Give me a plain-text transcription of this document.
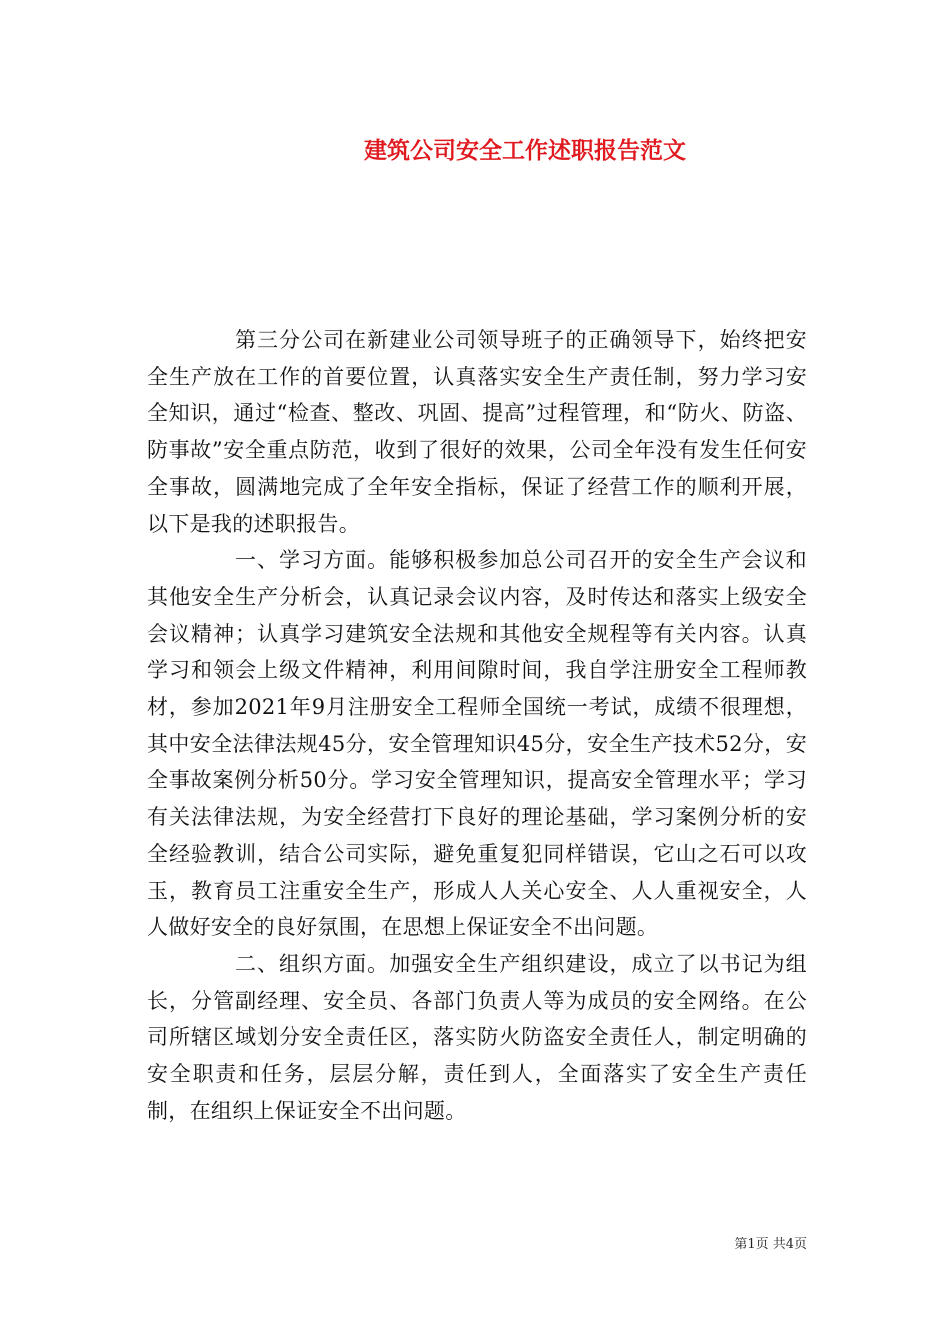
建筑公司安全工作述职报告范文

第三分公司在新建业公司领导班子的正确领导下，始终把安全生产放在工作的首要位置，认真落实安全生产责任制，努力学习安全知识，通过“检查、整改、巩固、提高”过程管理，和“防火、防盗、防事故”安全重点防范，收到了很好的效果，公司全年没有发生任何安全事故，圆满地完成了全年安全指标，保证了经营工作的顺利开展，以下是我的述职报告。

一、学习方面。能够积极参加总公司召开的安全生产会议和其他安全生产分析会，认真记录会议内容，及时传达和落实上级安全会议精神；认真学习建筑安全法规和其他安全规程等有关内容。认真学习和领会上级文件精神，利用间隙时间，我自学注册安全工程师教材，参加2021年9月注册安全工程师全国统一考试，成绩不很理想，其中安全法律法规45分，安全管理知识45分，安全生产技术52分，安全事故案例分析50分。学习安全管理知识，提高安全管理水平；学习有关法律法规，为安全经营打下良好的理论基础，学习案例分析的安全经验教训，结合公司实际，避免重复犯同样错误，它山之石可以攻玉，教育员工注重安全生产，形成人人关心安全、人人重视安全，人人做好安全的良好氛围，在思想上保证安全不出问题。

二、组织方面。加强安全生产组织建设，成立了以书记为组长，分管副经理、安全员、各部门负责人等为成员的安全网络。在公司所辖区域划分安全责任区，落实防火防盗安全责任人，制定明确的安全职责和任务，层层分解，责任到人，全面落实了安全生产责任制，在组织上保证安全不出问题。

第1页 共4页
